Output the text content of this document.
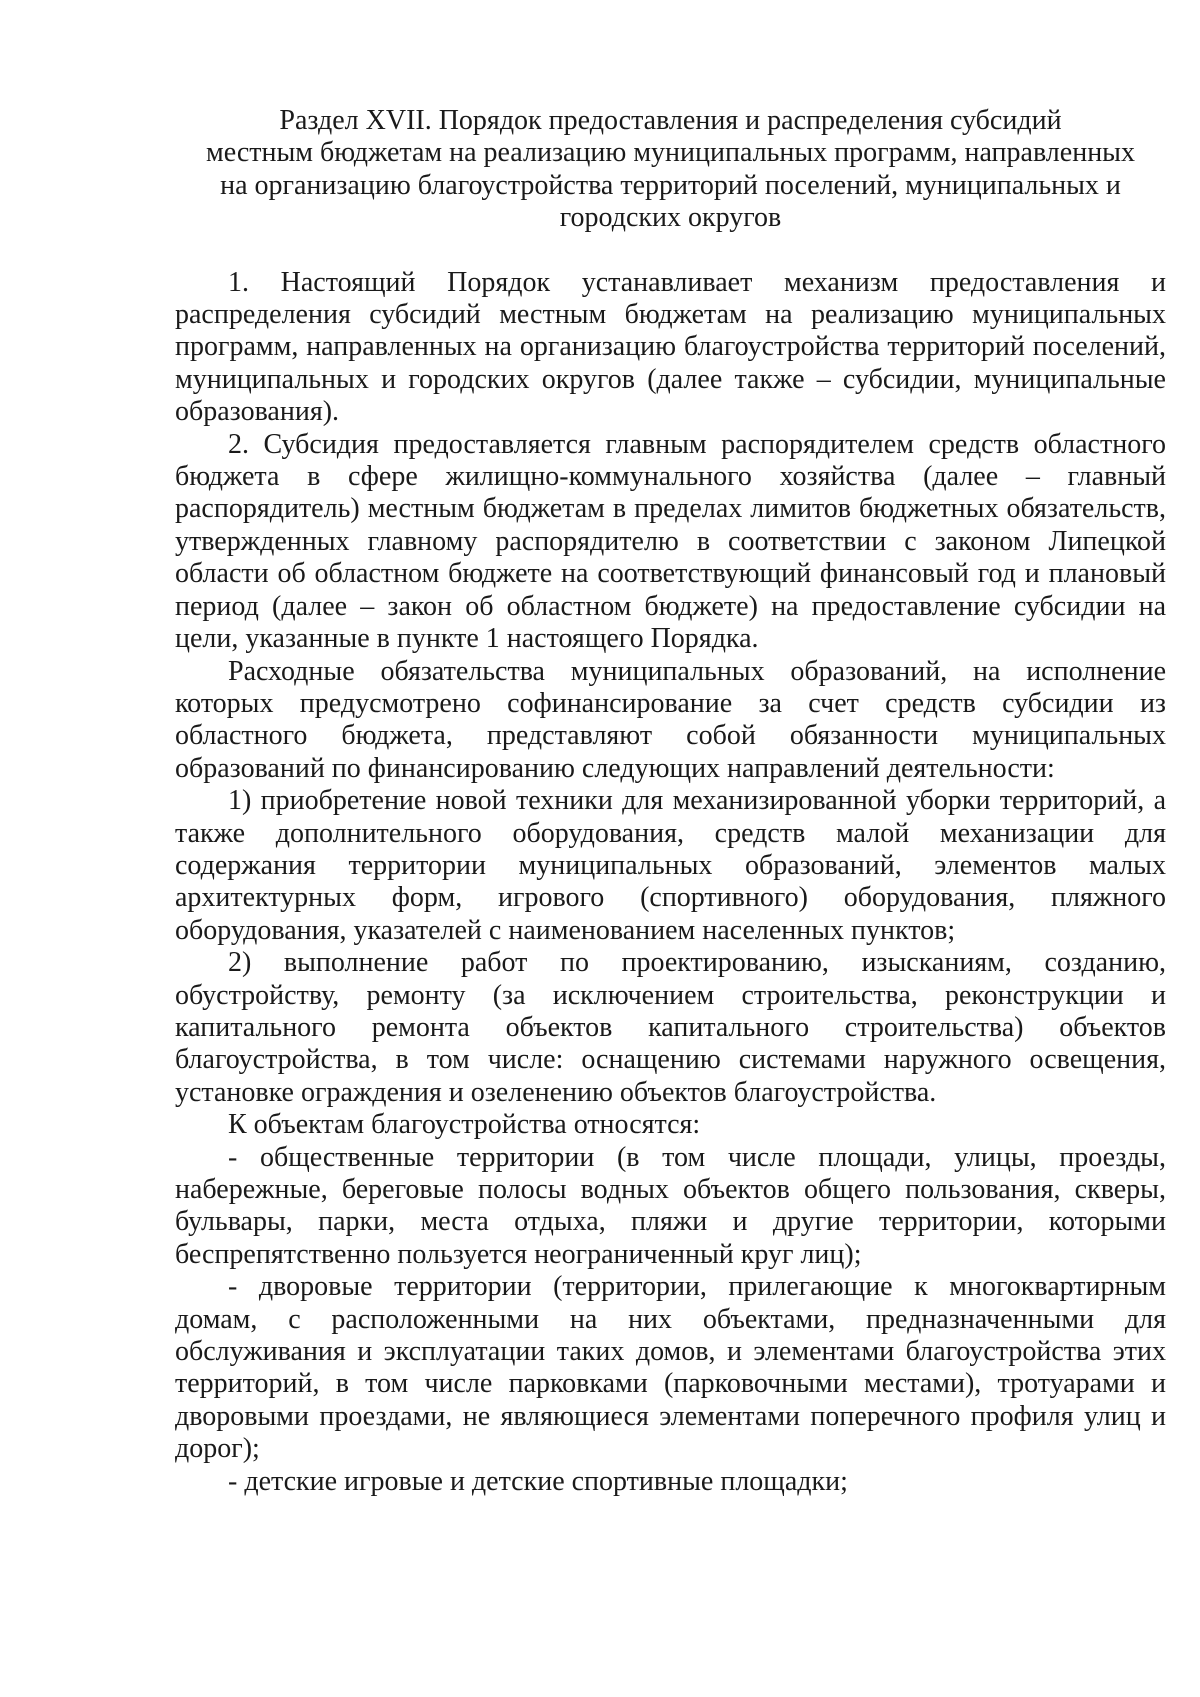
Раздел XVII. Порядок предоставления и распределения субсидий
местным бюджетам на реализацию муниципальных программ, направленных
на организацию благоустройства территорий поселений, муниципальных и
городских округов

1. Настоящий Порядок устанавливает механизм предоставления и распределения субсидий местным бюджетам на реализацию муниципальных программ, направленных на организацию благоустройства территорий поселений, муниципальных и городских округов (далее также – субсидии, муниципальные образования).

2. Субсидия предоставляется главным распорядителем средств областного бюджета в сфере жилищно-коммунального хозяйства (далее – главный распорядитель) местным бюджетам в пределах лимитов бюджетных обязательств, утвержденных главному распорядителю в соответствии с законом Липецкой области об областном бюджете на соответствующий финансовый год и плановый период (далее – закон об областном бюджете) на предоставление субсидии на цели, указанные в пункте 1 настоящего Порядка.

Расходные обязательства муниципальных образований, на исполнение которых предусмотрено софинансирование за счет средств субсидии из областного бюджета, представляют собой обязанности муниципальных образований по финансированию следующих направлений деятельности:

1) приобретение новой техники для механизированной уборки территорий, а также дополнительного оборудования, средств малой механизации для содержания территории муниципальных образований, элементов малых архитектурных форм, игрового (спортивного) оборудования, пляжного оборудования, указателей с наименованием населенных пунктов;

2) выполнение работ по проектированию, изысканиям, созданию, обустройству, ремонту (за исключением строительства, реконструкции и капитального ремонта объектов капитального строительства) объектов благоустройства, в том числе: оснащению системами наружного освещения, установке ограждения и озеленению объектов благоустройства.

К объектам благоустройства относятся:

- общественные территории (в том числе площади, улицы, проезды, набережные, береговые полосы водных объектов общего пользования, скверы, бульвары, парки, места отдыха, пляжи и другие территории, которыми беспрепятственно пользуется неограниченный круг лиц);

- дворовые территории (территории, прилегающие к многоквартирным домам, с расположенными на них объектами, предназначенными для обслуживания и эксплуатации таких домов, и элементами благоустройства этих территорий, в том числе парковками (парковочными местами), тротуарами и дворовыми проездами, не являющиеся элементами поперечного профиля улиц и дорог);

- детские игровые и детские спортивные площадки;
